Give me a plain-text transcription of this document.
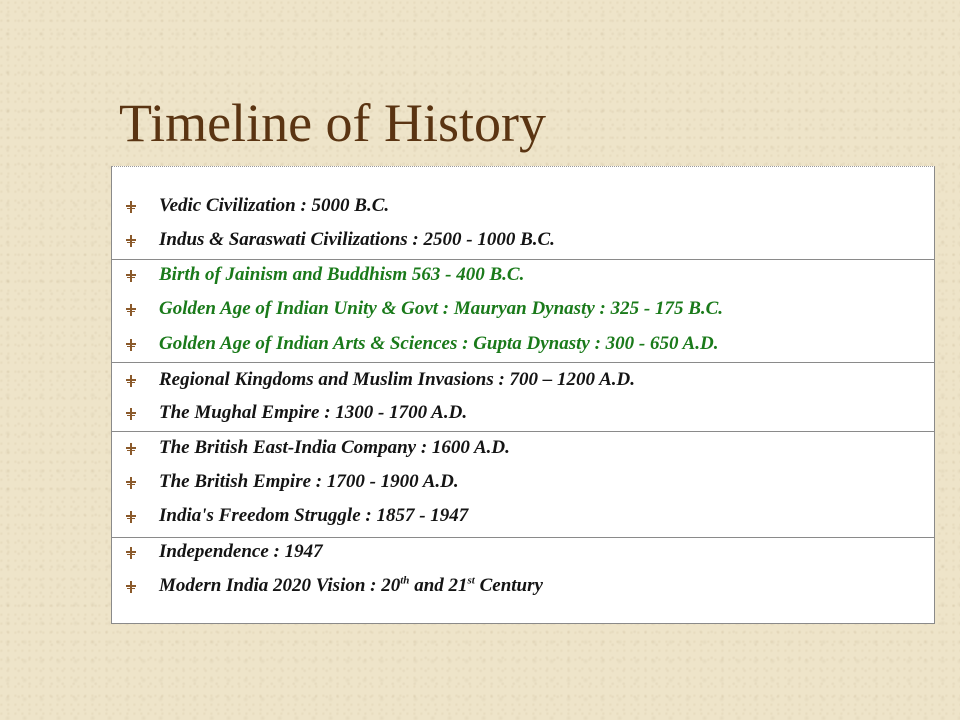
Timeline of History
Vedic Civilization : 5000 B.C.
Indus & Saraswati Civilizations : 2500 - 1000 B.C.
Birth of Jainism and Buddhism 563 - 400 B.C.
Golden Age of Indian Unity & Govt : Mauryan Dynasty : 325 - 175 B.C.
Golden Age of Indian Arts & Sciences : Gupta Dynasty : 300 - 650 A.D.
Regional Kingdoms and Muslim Invasions : 700 – 1200 A.D.
The Mughal Empire : 1300 - 1700 A.D.
The British East-India Company : 1600 A.D.
The British Empire : 1700 - 1900 A.D.
India's Freedom Struggle : 1857 - 1947
Independence : 1947
Modern India 2020 Vision : 20th and 21st Century
